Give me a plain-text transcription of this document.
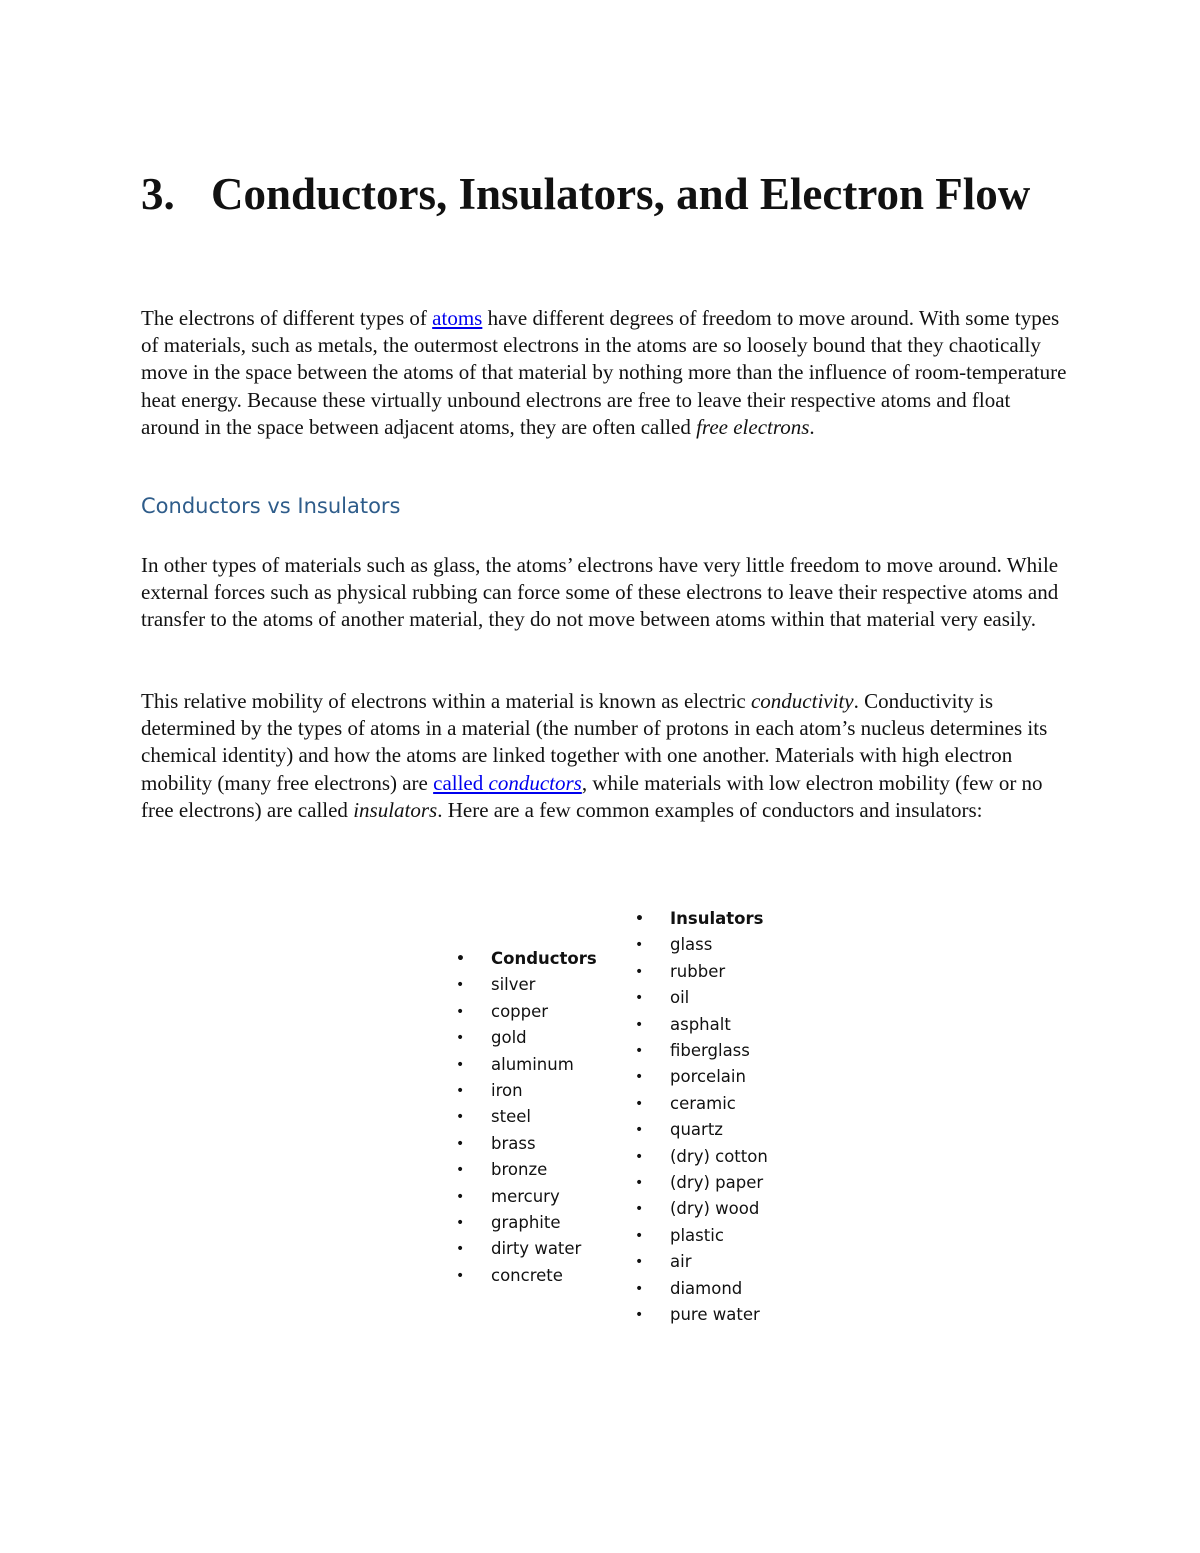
3. Conductors, Insulators, and Electron Flow

The electrons of different types of atoms have different degrees of freedom to move around. With some types of materials, such as metals, the outermost electrons in the atoms are so loosely bound that they chaotically move in the space between the atoms of that material by nothing more than the influence of room-temperature heat energy. Because these virtually unbound electrons are free to leave their respective atoms and float around in the space between adjacent atoms, they are often called free electrons.

Conductors vs Insulators

In other types of materials such as glass, the atoms’ electrons have very little freedom to move around. While external forces such as physical rubbing can force some of these electrons to leave their respective atoms and transfer to the atoms of another material, they do not move between atoms within that material very easily.

This relative mobility of electrons within a material is known as electric conductivity. Conductivity is determined by the types of atoms in a material (the number of protons in each atom’s nucleus determines its chemical identity) and how the atoms are linked together with one another. Materials with high electron mobility (many free electrons) are called conductors, while materials with low electron mobility (few or no free electrons) are called insulators. Here are a few common examples of conductors and insulators:

• Conductors
• silver
• copper
• gold
• aluminum
• iron
• steel
• brass
• bronze
• mercury
• graphite
• dirty water
• concrete
• Insulators
• glass
• rubber
• oil
• asphalt
• fiberglass
• porcelain
• ceramic
• quartz
• (dry) cotton
• (dry) paper
• (dry) wood
• plastic
• air
• diamond
• pure water
